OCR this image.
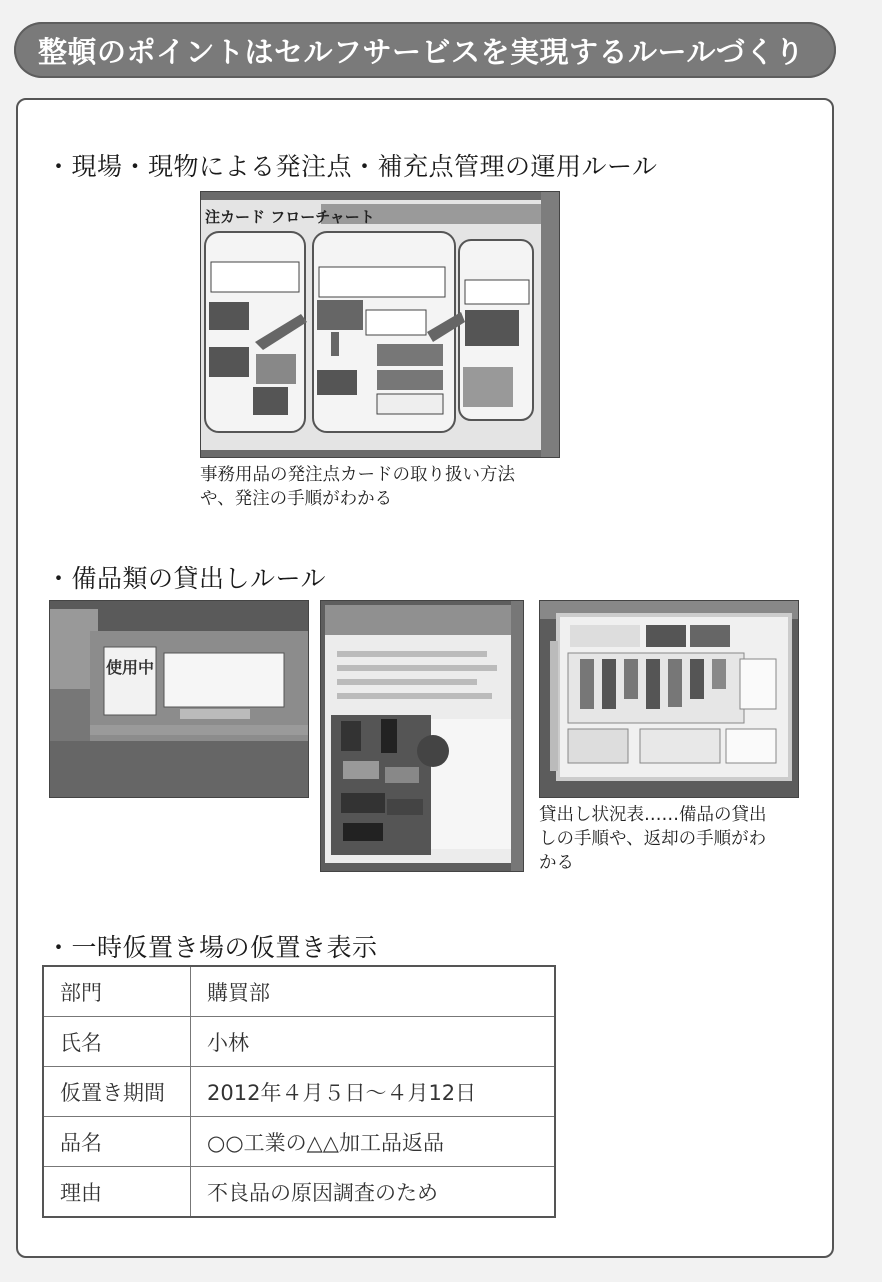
整頓のポイントはセルフサービスを実現するルールづくり
・現場・現物による発注点・補充点管理の運用ルール
注カード フローチャート
事務用品の発注点カードの取り扱い方法
や、発注の手順がわかる
・備品類の貸出しルール
使用中
貸出し状況表……備品の貸出
しの手順や、返却の手順がわ
かる
・一時仮置き場の仮置き表示
部門	購買部
氏名	小林
仮置き期間	2012年４月５日〜４月12日
品名	○○工業の△△加工品返品
理由	不良品の原因調査のため
